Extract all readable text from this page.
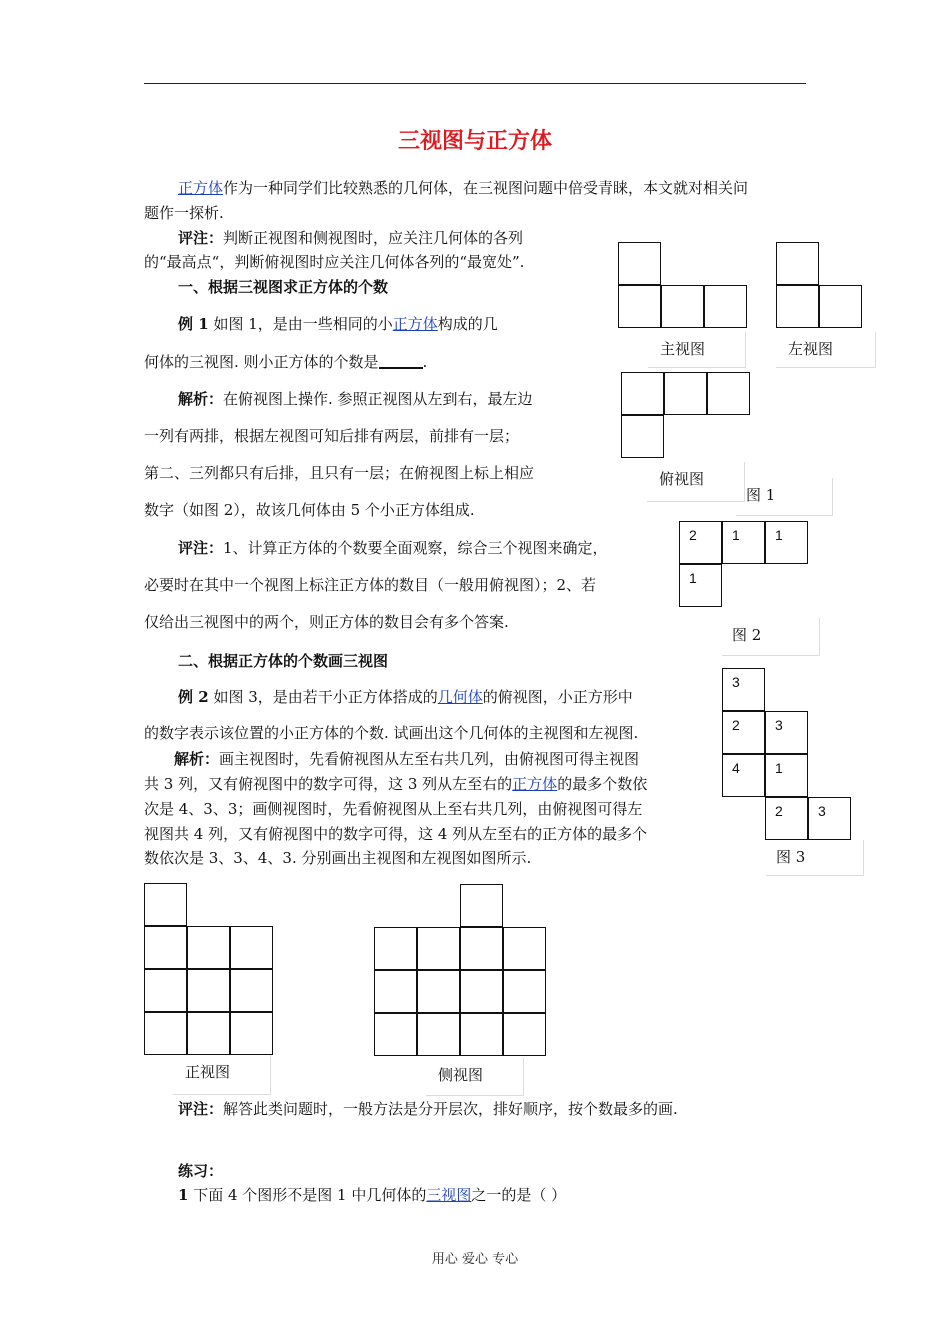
三视图与正方体
正方体作为一种同学们比较熟悉的几何体，在三视图问题中倍受青睐，本文就对相关问
题作一探析.
评注：判断正视图和侧视图时，应关注几何体的各列
的“最高点“，判断俯视图时应关注几何体各列的“最宽处”.
一、根据三视图求正方体的个数
例 1 如图 1，是由一些相同的小正方体构成的几
何体的三视图. 则小正方体的个数是	.
解析：在俯视图上操作. 参照正视图从左到右，最左边
一列有两排，根据左视图可知后排有两层，前排有一层；
第二、三列都只有后排，且只有一层；在俯视图上标上相应
数字（如图 2），故该几何体由 5 个小正方体组成.
评注：1、计算正方体的个数要全面观察，综合三个视图来确定，
必要时在其中一个视图上标注正方体的数目（一般用俯视图）；2、若
仅给出三视图中的两个，则正方体的数目会有多个答案.
二、根据正方体的个数画三视图
例 2 如图 3，是由若干小正方体搭成的几何体的俯视图，小正方形中
的数字表示该位置的小正方体的个数. 试画出这个几何体的主视图和左视图.
解析：画主视图时，先看俯视图从左至右共几列，由俯视图可得主视图
共 3 列，又有俯视图中的数字可得，这 3 列从左至右的正方体的最多个数依
次是 4、3、3；画侧视图时，先看俯视图从上至右共几列，由俯视图可得左
视图共 4 列，又有俯视图中的数字可得，这 4 列从左至右的正方体的最多个
数依次是 3、3、4、3. 分别画出主视图和左视图如图所示.
评注：解答此类问题时，一般方法是分开层次，排好顺序，按个数最多的画.
练习：
1 下面 4 个图形不是图 1 中几何体的三视图之一的是（ ）
主视图	左视图
图 1
俯视图
2	1	1
1
图 2
3
2	3
4	1
2	3
图 3
正视图	侧视图
用心 爱心 专心
